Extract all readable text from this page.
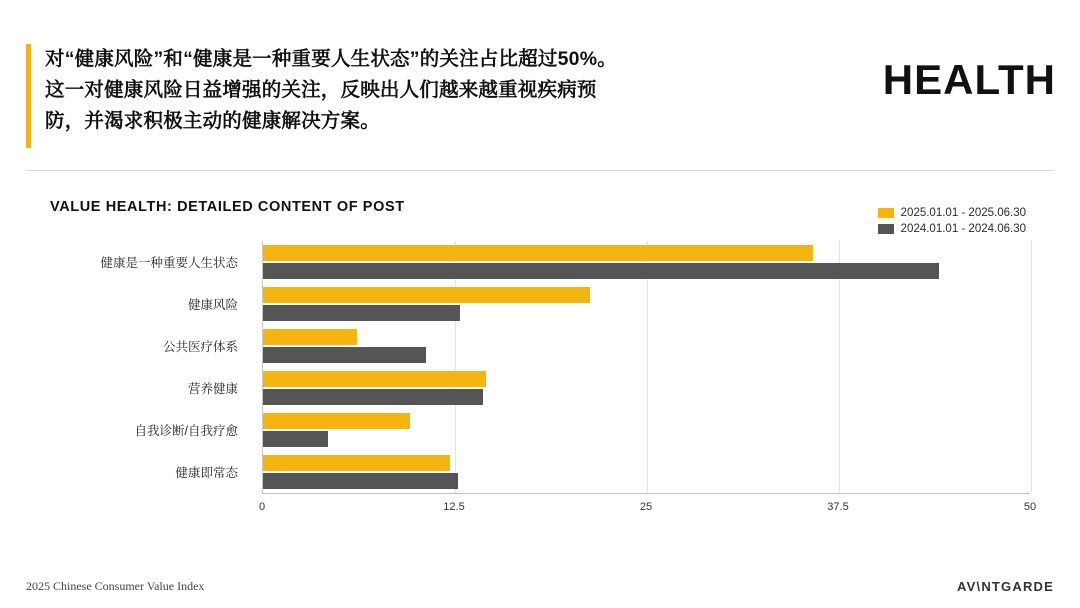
对“健康风险”和“健康是一种重要人生状态”的关注占比超过50%。

这一对健康风险日益增强的关注，反映出人们越来越重视疾病预

防，并渴求积极主动的健康解决方案。

HEALTH
VALUE HEALTH: DETAILED CONTENT OF POST	2025.01.01 - 2025.06.30
2024.01.01 - 2024.06.30
健康是一种重要人生状态
健康风险
公共医疗体系
营养健康
自我诊断/自我疗愈
健康即常态
0	12.5	25	37.5	50
2025 Chinese Consumer Value Index	AV\NTGARDE
